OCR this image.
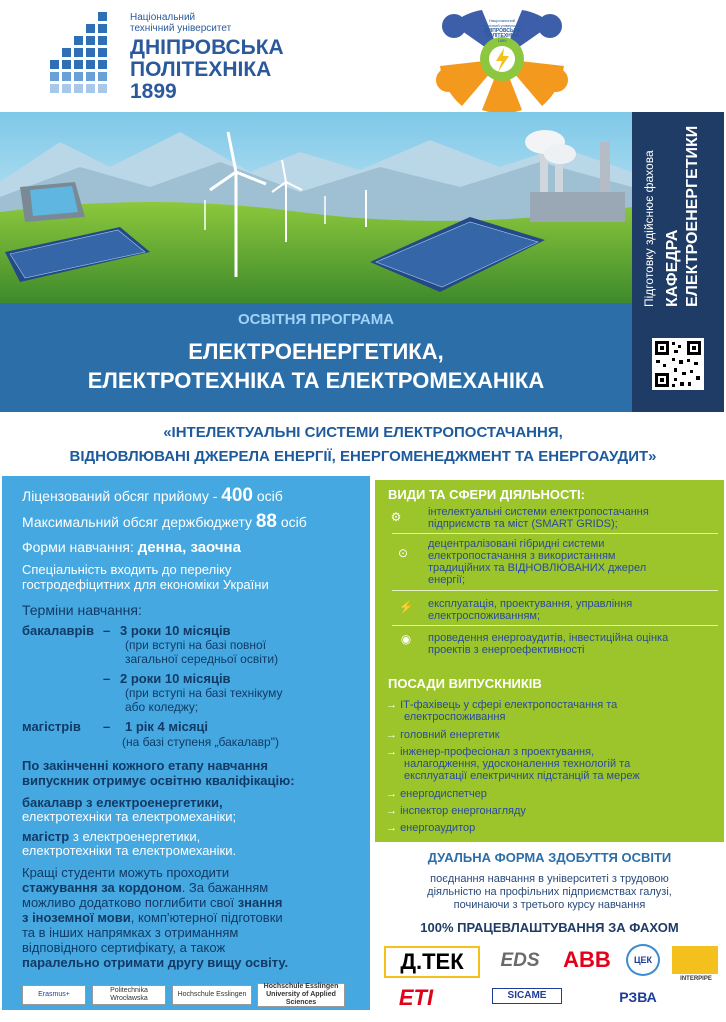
Національний
технічний університет
ДНІПРОВСЬКА
ПОЛІТЕХНІКА
1899
Національний
технічний університет
ДНІПРОВСЬКА
ПОЛІТЕХНІКА
1899
Підготовку здійснює фахова КАФЕДРА ЕЛЕКТРОЕНЕРГЕТИКИ
ОСВІТНЯ ПРОГРАМА
ЕЛЕКТРОЕНЕРГЕТИКА,
ЕЛЕКТРОТЕХНІКА ТА ЕЛЕКТРОМЕХАНІКА
«ІНТЕЛЕКТУАЛЬНІ СИСТЕМИ ЕЛЕКТРОПОСТАЧАННЯ,
ВІДНОВЛЮВАНІ ДЖЕРЕЛА ЕНЕРГІЇ, ЕНЕРГОМЕНЕДЖМЕНТ ТА ЕНЕРГОАУДИТ»
Ліцензований обсяг прийому - 400 осіб
Максимальний обсяг держбюджету 88 осіб
Форми навчання: денна, заочна
Спеціальність входить до переліку
гостродефіцитних для економіки України
Терміни навчання:
бакалаврів – 3 роки 10 місяців
(при вступі на базі повної
загальної середньої освіти)
– 2 роки 10 місяців
(при вступі на базі технікуму
або коледжу;
магістрів – 1 рік 4 місяці
(на базі ступеня „бакалавр")
По закінченні кожного етапу навчання
випускник отримує освітню кваліфікацію:
бакалавр з електроенергетики,
електротехніки та електромеханіки;
магістр з електроенергетики,
електротехніки та електромеханіки.
Кращі студенти можуть проходити
стажування за кордоном. За бажанням
можливо додатково поглибити свої знання
з іноземної мови, комп'ютерної підготовки
та в інших напрямках з отриманням
відповідного сертифікату, а також
паралельно отримати другу вищу освіту.
Erasmus+
Politechnika Wrocławska
Hochschule Esslingen
Hochschule Esslingen University of Applied Sciences
ВИДИ ТА СФЕРИ ДІЯЛЬНОСТІ:
⚙ інтелектуальні системи електропостачання
підприємств та міст (SMART GRIDS);
⊙
децентралізовані гібридні системи
електропостачання з використанням
традиційних та ВІДНОВЛЮВАНИХ джерел
енергії;
⚡ експлуатація, проектування, управління
електроспоживанням;
◉ проведення енергоаудитів, інвестиційна оцінка
проектів з енергоефективності
ПОСАДИ ВИПУСКНИКІВ
→ ІТ-фахівець у сфері електропостачання та
електроспоживання
→ головний енергетик
→ інженер-професіонал з проектування,
налагодження, удосконалення технологій та
експлуатації електричних підстанцій та мереж
→ енергодиспетчер
→ інспектор енергонагляду
→ енергоаудитор
ДУАЛЬНА ФОРМА ЗДОБУТТЯ ОСВІТИ
поєднання навчання в університеті з трудовою
діяльністю на профільних підприємствах галузі,
починаючи з третього курсу навчання
100% ПРАЦЕВЛАШТУВАННЯ ЗА ФАХОМ
Д.ТЕК	EDS	ABB	ЦЕК
INTERPIPE
ETI	SICAME	РЗВА
